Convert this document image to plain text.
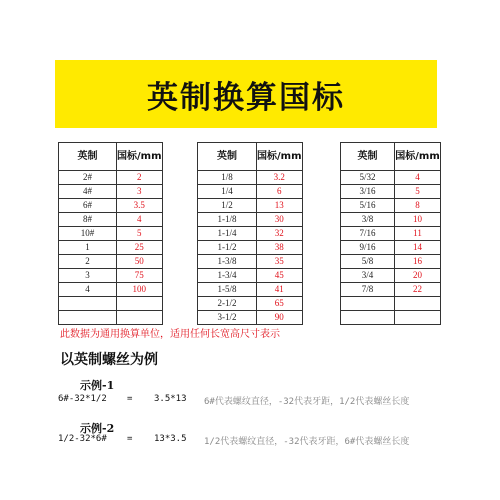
英制换算国标
英制	国标/mm	
2#	2	
4#	3	
6#	3.5	
8#	4	
10#	5	
1	25	
2	50	
3	75	
4	100	

英制	国标/mm	
1/8	3.2	
1/4	6	
1/2	13	
1-1/8	30	
1-1/4	32	
1-1/2	38	
1-3/8	35	
1-3/4	45	
1-5/8	41	
2-1/2	65	
3-1/2	90	
英制	国标/mm
5/32	4
3/16	5
5/16	8
3/8	10
7/16	11
9/16	14
5/8	16
3/4	20
7/8	22

此数据为通用换算单位，适用任何长宽高尺寸表示
以英制螺丝为例
示例-1
6#-32*1/2 = 3.5*13 6#代表螺纹直径，-32代表牙距，1/2代表螺丝长度
示例-2
1/2-32*6# = 13*3.5 1/2代表螺纹直径，-32代表牙距，6#代表螺丝长度
